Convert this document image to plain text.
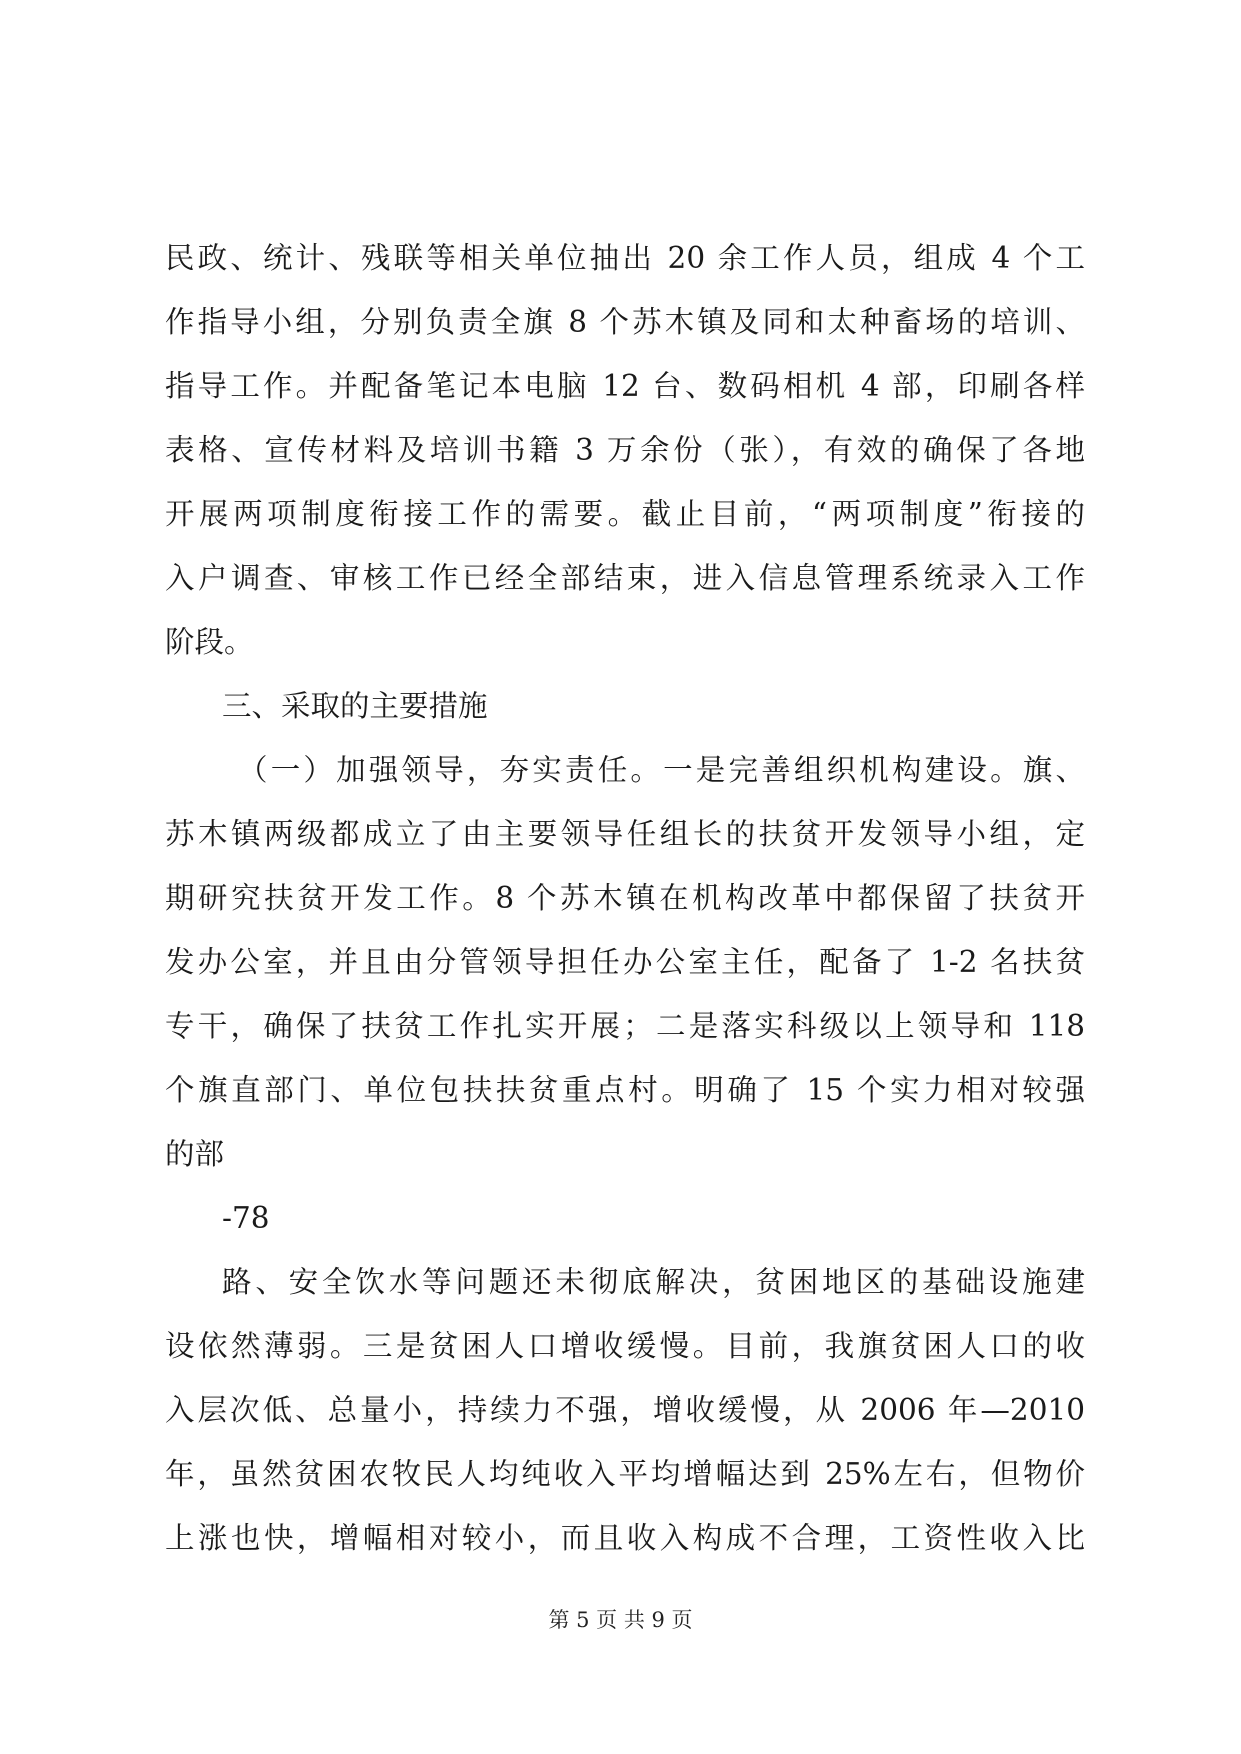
民政、统计、残联等相关单位抽出 20 余工作人员，组成 4 个工
作指导小组，分别负责全旗 8 个苏木镇及同和太种畜场的培训、
指导工作。并配备笔记本电脑 12 台、数码相机 4 部，印刷各样
表格、宣传材料及培训书籍 3 万余份（张），有效的确保了各地
开展两项制度衔接工作的需要。截止目前，“两项制度”衔接的
入户调查、审核工作已经全部结束，进入信息管理系统录入工作
阶段。
三、采取的主要措施
（一）加强领导，夯实责任。一是完善组织机构建设。旗、
苏木镇两级都成立了由主要领导任组长的扶贫开发领导小组，定
期研究扶贫开发工作。8 个苏木镇在机构改革中都保留了扶贫开
发办公室，并且由分管领导担任办公室主任，配备了 1-2 名扶贫
专干，确保了扶贫工作扎实开展；二是落实科级以上领导和 118
个旗直部门、单位包扶扶贫重点村。明确了 15 个实力相对较强
的部
-78
路、安全饮水等问题还未彻底解决，贫困地区的基础设施建
设依然薄弱。三是贫困人口增收缓慢。目前，我旗贫困人口的收
入层次低、总量小，持续力不强，增收缓慢，从 2006 年—2010
年，虽然贫困农牧民人均纯收入平均增幅达到 25%左右，但物价
上涨也快，增幅相对较小，而且收入构成不合理，工资性收入比
第 5 页 共 9 页
